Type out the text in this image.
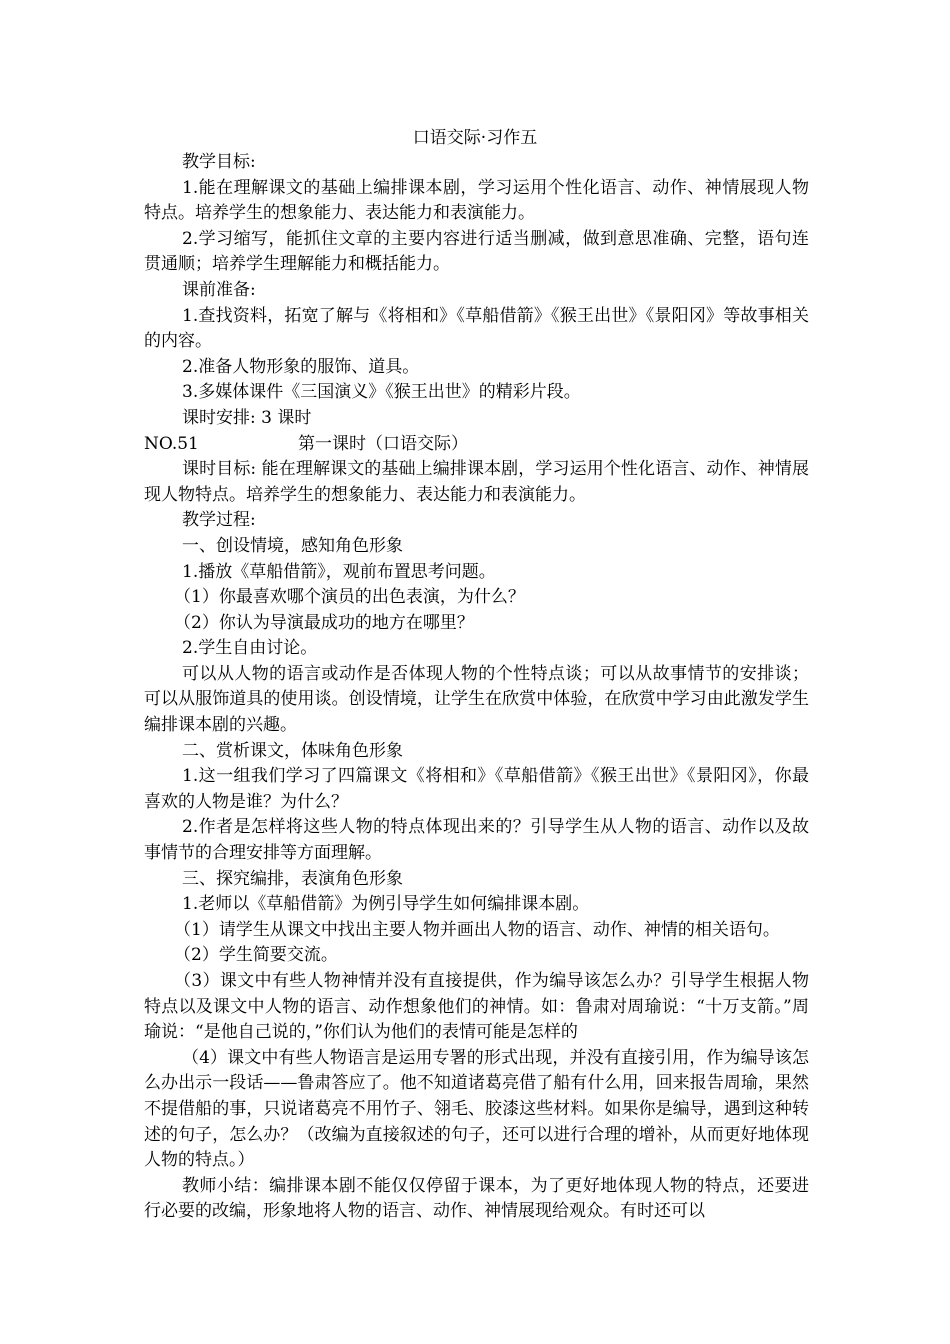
口语交际·习作五

教学目标:

1.能在理解课文的基础上编排课本剧，学习运用个性化语言、动作、神情展现人物特点。培养学生的想象能力、表达能力和表演能力。

2.学习缩写，能抓住文章的主要内容进行适当删减，做到意思准确、完整，语句连贯通顺；培养学生理解能力和概括能力。

课前准备:

1.查找资料，拓宽了解与《将相和》《草船借箭》《猴王出世》《景阳冈》等故事相关的内容。

2.准备人物形象的服饰、道具。

3.多媒体课件《三国演义》《猴王出世》的精彩片段。

课时安排: 3 课时

NO.51	第一课时（口语交际）

课时目标: 能在理解课文的基础上编排课本剧，学习运用个性化语言、动作、神情展现人物特点。培养学生的想象能力、表达能力和表演能力。

教学过程:

一、创设情境，感知角色形象

1.播放《草船借箭》，观前布置思考问题。

（1）你最喜欢哪个演员的出色表演，为什么？

（2）你认为导演最成功的地方在哪里？

2.学生自由讨论。

可以从人物的语言或动作是否体现人物的个性特点谈；可以从故事情节的安排谈；可以从服饰道具的使用谈。创设情境，让学生在欣赏中体验，在欣赏中学习由此激发学生编排课本剧的兴趣。

二、赏析课文，体味角色形象

1.这一组我们学习了四篇课文《将相和》《草船借箭》《猴王出世》《景阳冈》，你最喜欢的人物是谁？为什么？

2.作者是怎样将这些人物的特点体现出来的？引导学生从人物的语言、动作以及故事情节的合理安排等方面理解。

三、探究编排，表演角色形象

1.老师以《草船借箭》为例引导学生如何编排课本剧。

（1）请学生从课文中找出主要人物并画出人物的语言、动作、神情的相关语句。

（2）学生简要交流。

（3）课文中有些人物神情并没有直接提供，作为编导该怎么办？引导学生根据人物特点以及课文中人物的语言、动作想象他们的神情。如：鲁肃对周瑜说：“十万支箭。”周瑜说：“是他自己说的，”你们认为他们的表情可能是怎样的

（4）课文中有些人物语言是运用专署的形式出现，并没有直接引用，作为编导该怎么办出示一段话——鲁肃答应了。他不知道诸葛亮借了船有什么用，回来报告周瑜，果然不提借船的事，只说诸葛亮不用竹子、翎毛、胶漆这些材料。如果你是编导，遇到这种转述的句子，怎么办？（改编为直接叙述的句子，还可以进行合理的增补，从而更好地体现人物的特点。）

教师小结：编排课本剧不能仅仅停留于课本，为了更好地体现人物的特点，还要进行必要的改编，形象地将人物的语言、动作、神情展现给观众。有时还可以
